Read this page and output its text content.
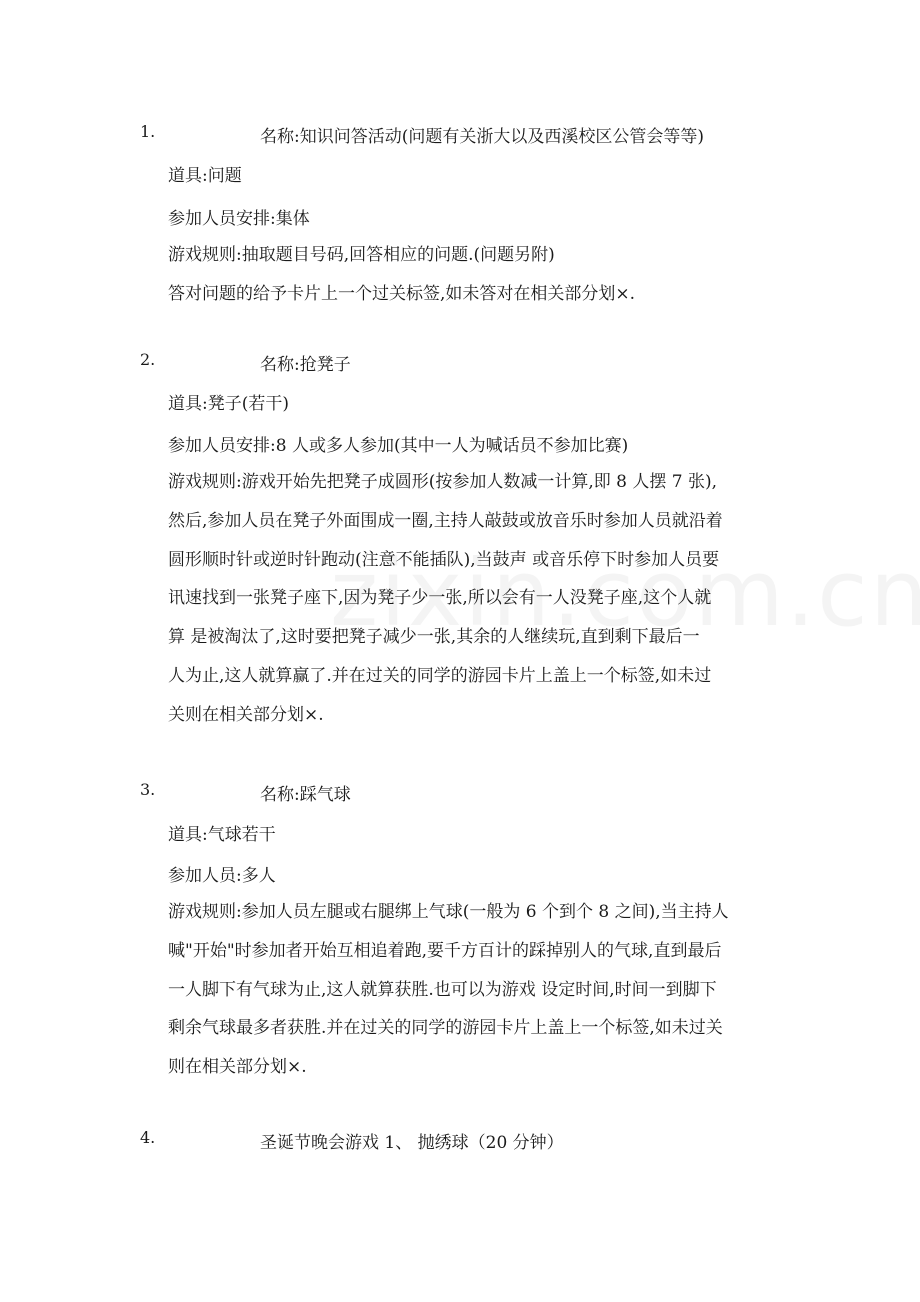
1.	名称:知识问答活动(问题有关浙大以及西溪校区公管会等等)
道具:问题
参加人员安排:集体
游戏规则:抽取题目号码,回答相应的问题.(问题另附)
答对问题的给予卡片上一个过关标签,如未答对在相关部分划×.
2.	名称:抢凳子
道具:凳子(若干)
参加人员安排:8 人或多人参加(其中一人为喊话员不参加比赛)
游戏规则:游戏开始先把凳子成圆形(按参加人数减一计算,即 8 人摆 7 张),
然后,参加人员在凳子外面围成一圈,主持人敲鼓或放音乐时参加人员就沿着
圆形顺时针或逆时针跑动(注意不能插队),当鼓声 或音乐停下时参加人员要
讯速找到一张凳子座下,因为凳子少一张,所以会有一人没凳子座,这个人就
算 是被淘汰了,这时要把凳子减少一张,其余的人继续玩,直到剩下最后一
人为止,这人就算赢了.并在过关的同学的游园卡片上盖上一个标签,如未过
关则在相关部分划×.
3.	名称:踩气球
道具:气球若干
参加人员:多人
游戏规则:参加人员左腿或右腿绑上气球(一般为 6 个到个 8 之间),当主持人
喊"开始"时参加者开始互相追着跑,要千方百计的踩掉别人的气球,直到最后
一人脚下有气球为止,这人就算获胜.也可以为游戏 设定时间,时间一到脚下
剩余气球最多者获胜.并在过关的同学的游园卡片上盖上一个标签,如未过关
则在相关部分划×.
4.	圣诞节晚会游戏 1、 抛绣球（20 分钟）
